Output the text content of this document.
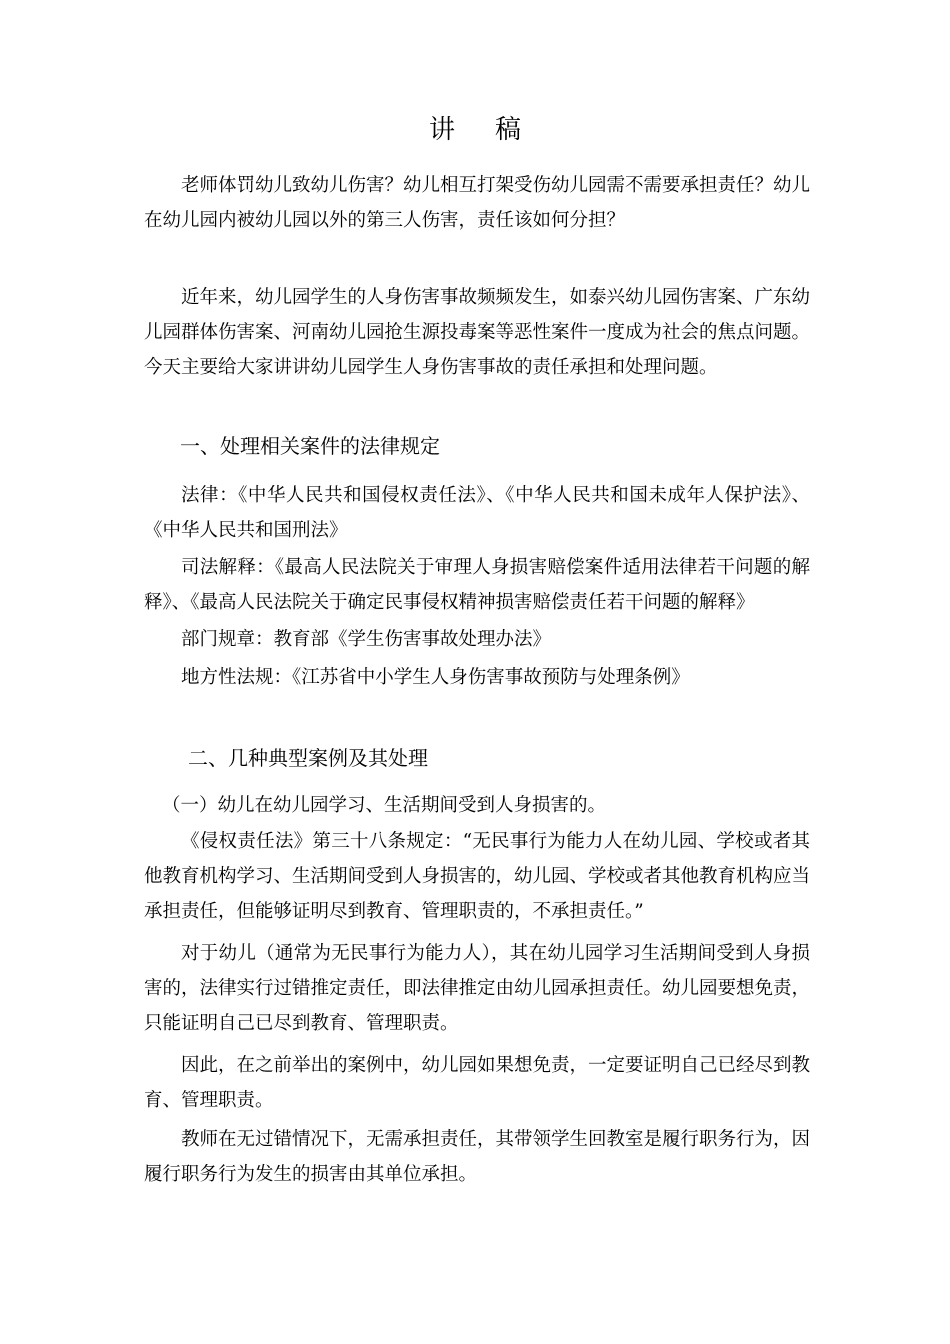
讲稿

老师体罚幼儿致幼儿伤害？幼儿相互打架受伤幼儿园需不需要承担责任？幼儿在幼儿园内被幼儿园以外的第三人伤害，责任该如何分担？

近年来，幼儿园学生的人身伤害事故频频发生，如泰兴幼儿园伤害案、广东幼儿园群体伤害案、河南幼儿园抢生源投毒案等恶性案件一度成为社会的焦点问题。今天主要给大家讲讲幼儿园学生人身伤害事故的责任承担和处理问题。

一、处理相关案件的法律规定

法律：《中华人民共和国侵权责任法》、《中华人民共和国未成年人保护法》、《中华人民共和国刑法》

司法解释：《最高人民法院关于审理人身损害赔偿案件适用法律若干问题的解释》、《最高人民法院关于确定民事侵权精神损害赔偿责任若干问题的解释》

部门规章：教育部《学生伤害事故处理办法》

地方性法规：《江苏省中小学生人身伤害事故预防与处理条例》

二、几种典型案例及其处理

（一）幼儿在幼儿园学习、生活期间受到人身损害的。

《侵权责任法》第三十八条规定：“无民事行为能力人在幼儿园、学校或者其他教育机构学习、生活期间受到人身损害的，幼儿园、学校或者其他教育机构应当承担责任，但能够证明尽到教育、管理职责的，不承担责任。”

对于幼儿（通常为无民事行为能力人），其在幼儿园学习生活期间受到人身损害的，法律实行过错推定责任，即法律推定由幼儿园承担责任。幼儿园要想免责，只能证明自己已尽到教育、管理职责。

因此，在之前举出的案例中，幼儿园如果想免责，一定要证明自己已经尽到教育、管理职责。

教师在无过错情况下，无需承担责任，其带领学生回教室是履行职务行为，因履行职务行为发生的损害由其单位承担。
